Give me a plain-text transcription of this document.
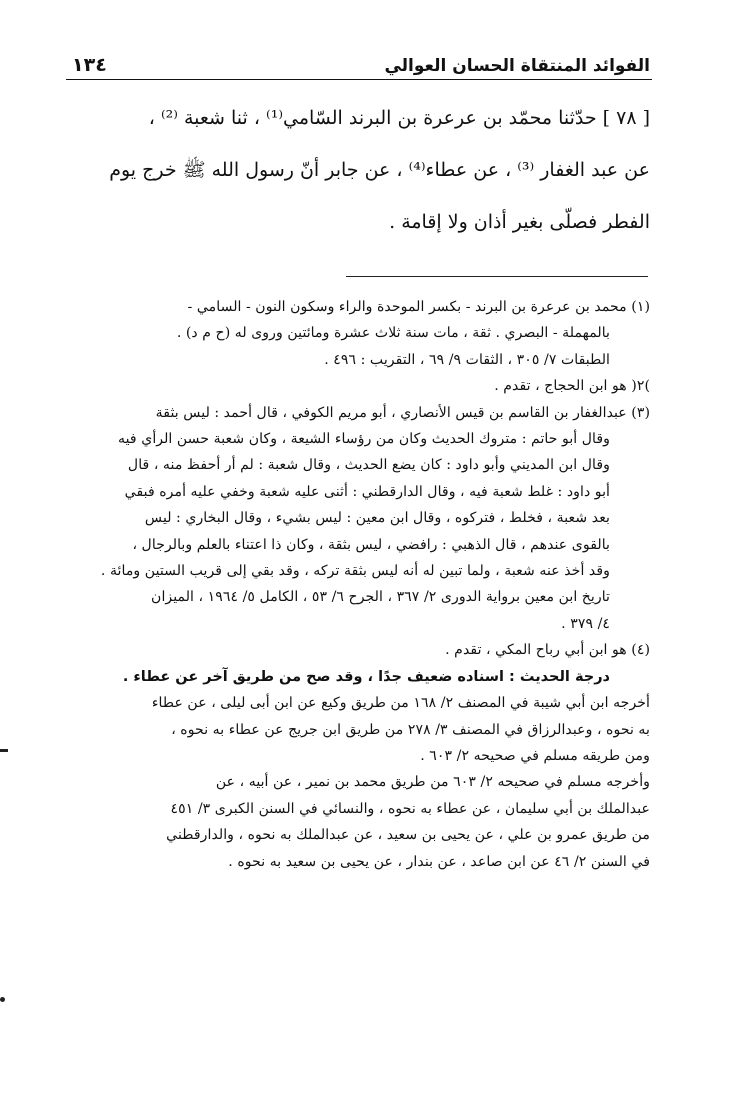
الفوائد المنتقاة الحسان العوالي
١٣٤

[ ٧٨ ] حدّثنا محمّد بن عرعرة بن البرند السّامي⁽¹⁾ ، ثنا شعبة ⁽²⁾ ،

عن عبد الغفار ⁽³⁾ ، عن عطاء⁽⁴⁾ ، عن جابر أنّ رسول الله ﷺ خرج يوم

الفطر فصلّى بغير أذان ولا إقامة .

(١) محمد بن عرعرة بن البرند - بكسر الموحدة والراء وسكون النون - السامي -
بالمهملة - البصري . ثقة ، مات سنة ثلاث عشرة ومائتين وروى له (ح م د) .
الطبقات ٧/ ٣٠٥ ، الثقات ٩/ ٦٩ ، التقريب : ٤٩٦ .
)٢( هو ابن الحجاج ، تقدم .
(٣) عبدالغفار بن القاسم بن قيس الأنصاري ، أبو مريم الكوفي ، قال أحمد : ليس بثقة
وقال أبو حاتم : متروك الحديث وكان من رؤساء الشيعة ، وكان شعبة حسن الرأي فيه
وقال ابن المديني وأبو داود : كان يضع الحديث ، وقال شعبة : لم أر أحفظ منه ، قال
أبو داود : غلط شعبة فيه ، وقال الدارقطني : أثنى عليه شعبة وخفي عليه أمره فبقي
بعد شعبة ، فخلط ، فتركوه ، وقال ابن معين : ليس بشيء ، وقال البخاري : ليس
بالقوى عندهم ، قال الذهبي : رافضي ، ليس بثقة ، وكان ذا اعتناء بالعلم وبالرجال ،
وقد أخذ عنه شعبة ، ولما تبين له أنه ليس بثقة تركه ، وقد بقي إلى قريب الستين ومائة .
تاريخ ابن معين برواية الدورى ٢/ ٣٦٧ ، الجرح ٦/ ٥٣ ، الكامل ٥/ ١٩٦٤ ، الميزان
٤/ ٣٧٩ .
(٤) هو ابن أبي رباح المكي ، تقدم .
درجة الحديث : اسناده ضعيف جدًا ، وقد صح من طريق آخر عن عطاء .
أخرجه ابن أبي شيبة في المصنف ٢/ ١٦٨ من طريق وكيع عن ابن أبى ليلى ، عن عطاء
به نحوه ، وعبدالرزاق في المصنف ٣/ ٢٧٨ من طريق ابن جريج عن عطاء به نحوه ،
ومن طريقه مسلم في صحيحه ٢/ ٦٠٣ .
وأخرجه مسلم في صحيحه ٢/ ٦٠٣ من طريق محمد بن نمير ، عن أبيه ، عن
عبدالملك بن أبي سليمان ، عن عطاء به نحوه ، والنسائي في السنن الكبرى ٣/ ٤٥١
من طريق عمرو بن علي ، عن يحيى بن سعيد ، عن عبدالملك به نحوه ، والدارقطني
في السنن ٢/ ٤٦ عن ابن صاعد ، عن بندار ، عن يحيى بن سعيد به نحوه .
